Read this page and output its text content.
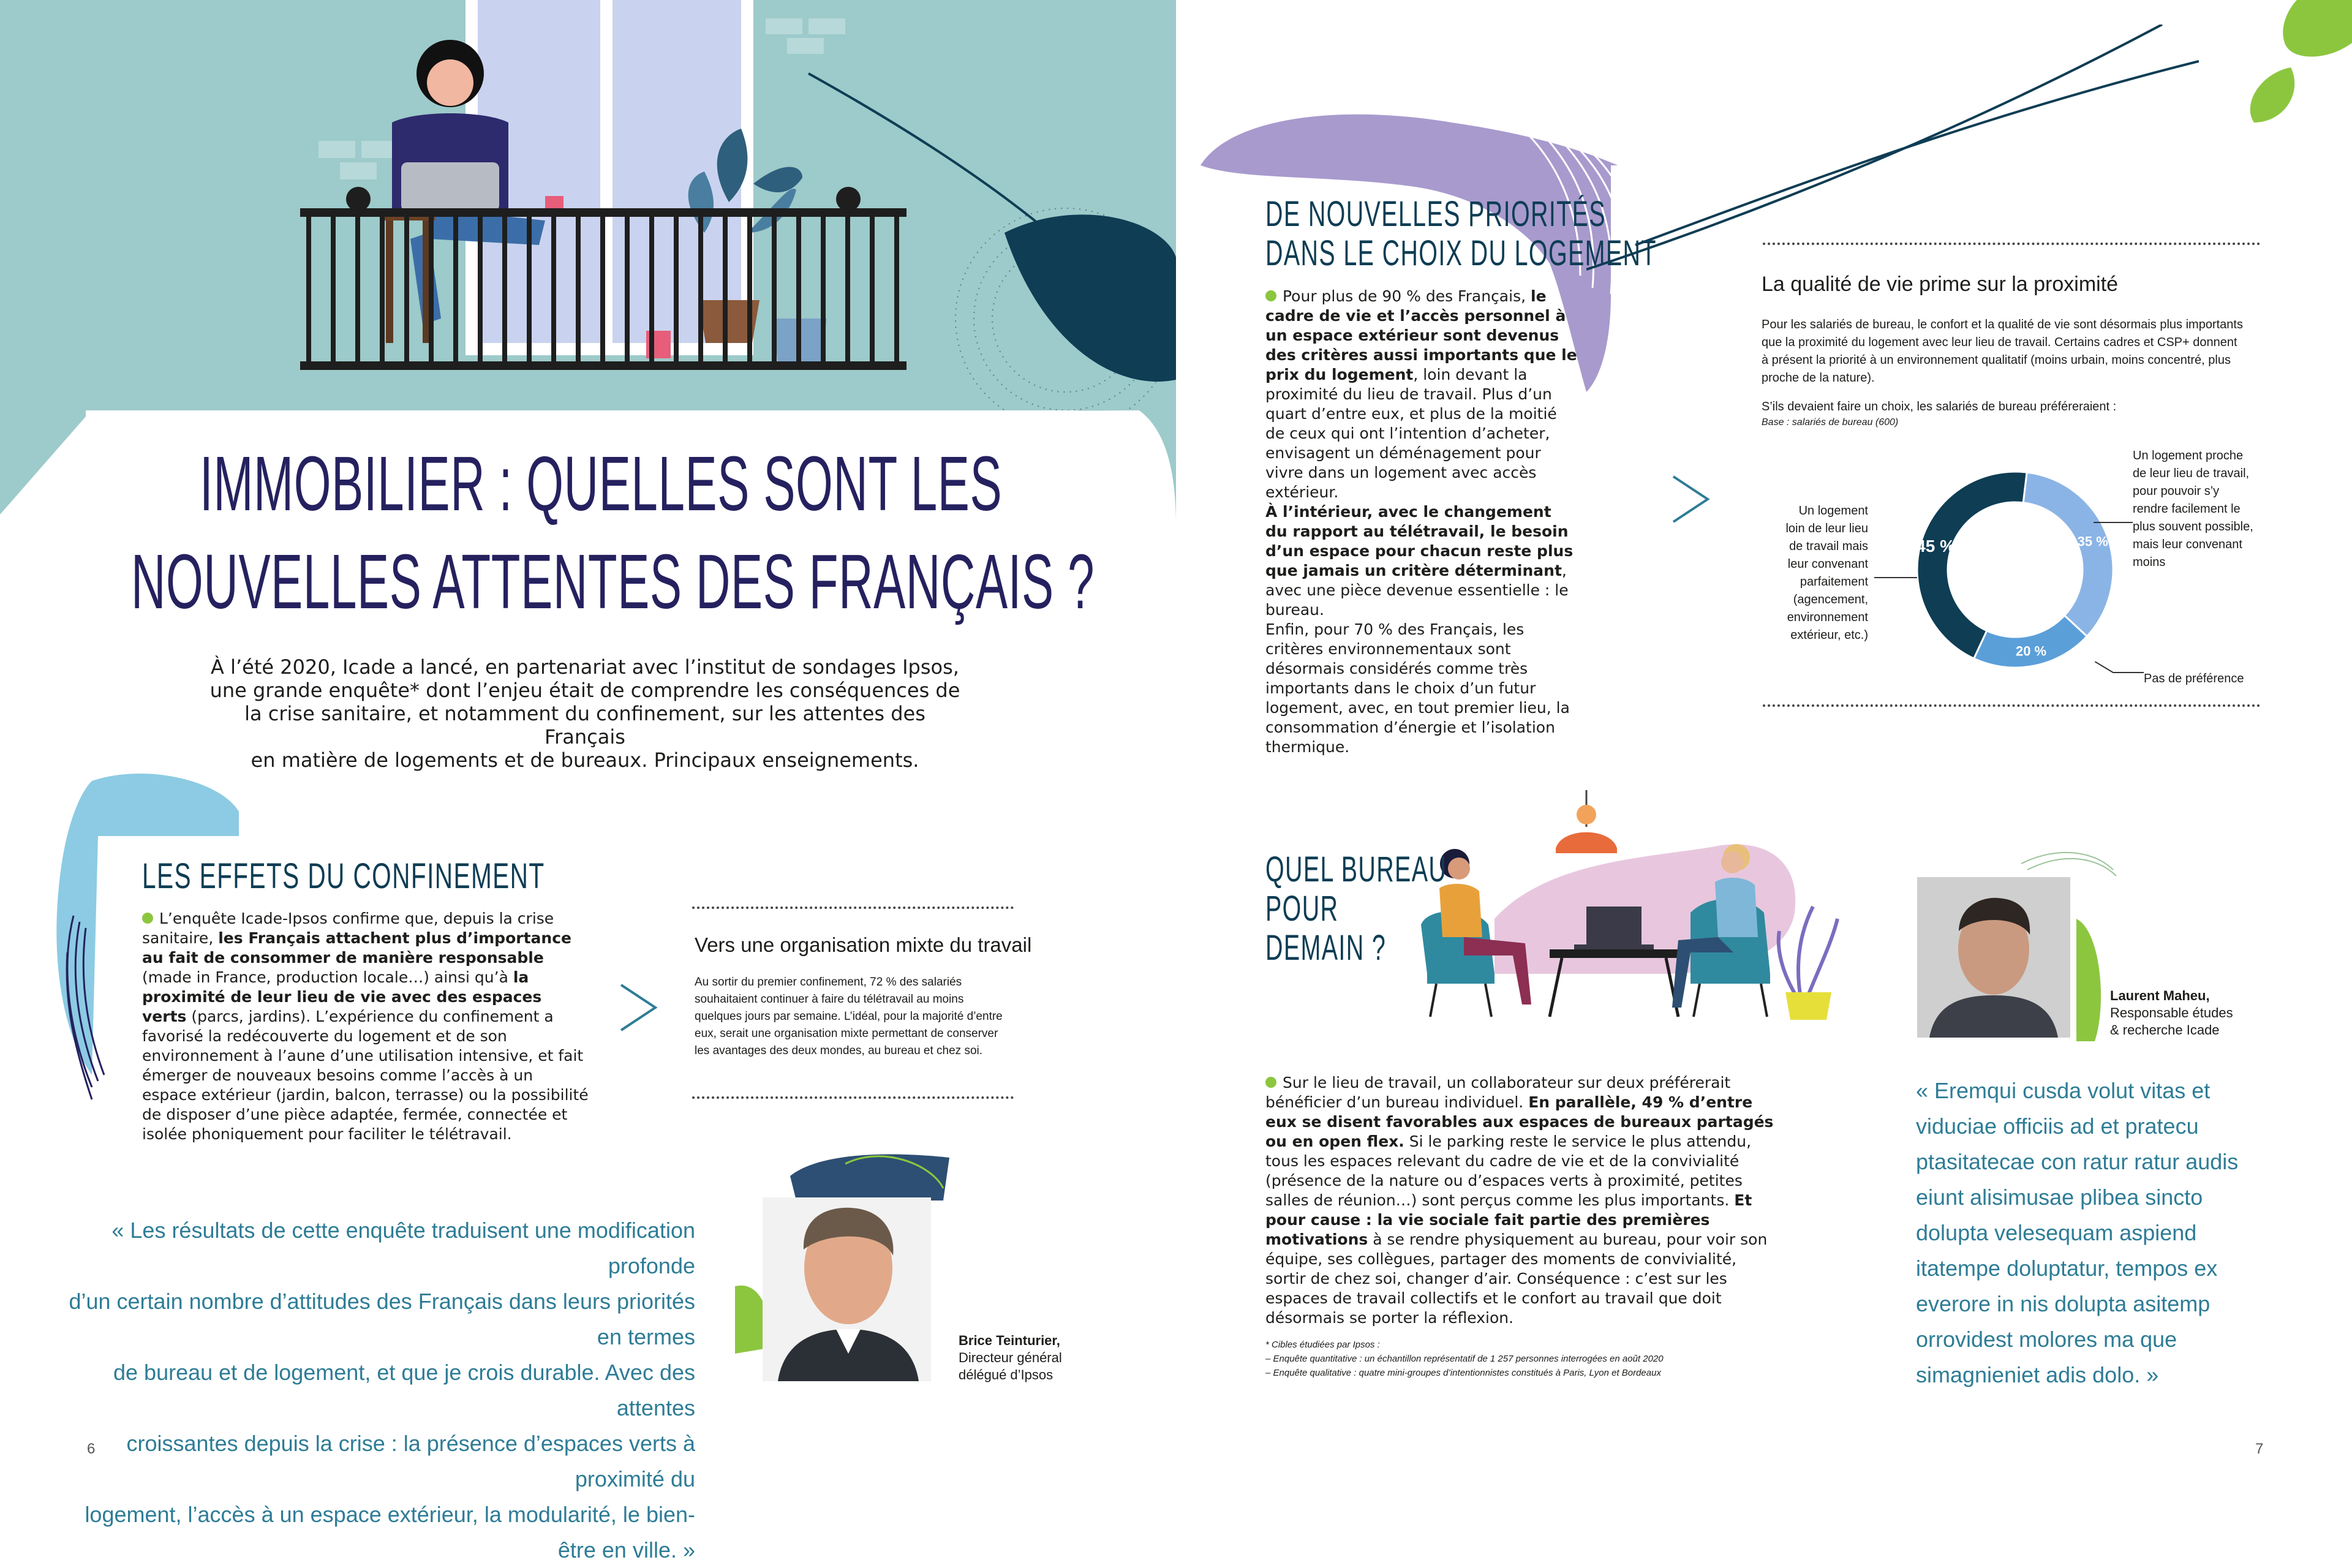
IMMOBILIER : QUELLES SONT LES
NOUVELLES ATTENTES DES FRANÇAIS ?
À l’été 2020, Icade a lancé, en partenariat avec l’institut de sondages Ipsos,
une grande enquête* dont l’enjeu était de comprendre les conséquences de
la crise sanitaire, et notamment du confinement, sur les attentes des Français
en matière de logements et de bureaux. Principaux enseignements.
LES EFFETS DU CONFINEMENT
L’enquête Icade-Ipsos confirme que, depuis la crise sanitaire, les Français attachent plus d’importance au fait de consommer de manière responsable (made in France, production locale…) ainsi qu’à la proximité de leur lieu de vie avec des espaces verts (parcs, jardins). L’expérience du confinement a favorisé la redécouverte du logement et de son environnement à l’aune d’une utilisation intensive, et fait émerger de nouveaux besoins comme l’accès à un espace extérieur (jardin, balcon, terrasse) ou la possibilité de disposer d’une pièce adaptée, fermée, connectée et isolée phoniquement pour faciliter le télétravail.
Vers une organisation mixte du travail
Au sortir du premier confinement, 72 % des salariés souhaitaient continuer à faire du télétravail au moins quelques jours par semaine. L’idéal, pour la majorité d’entre eux, serait une organisation mixte permettant de conserver les avantages des deux mondes, au bureau et chez soi.
« Les résultats de cette enquête traduisent une modification profonde
d’un certain nombre d’attitudes des Français dans leurs priorités en termes
de bureau et de logement, et que je crois durable. Avec des attentes
croissantes depuis la crise : la présence d’espaces verts à proximité du
logement, l’accès à un espace extérieur, la modularité, le bien-être en ville. »
Brice Teinturier,
Directeur général
délégué d’Ipsos
6
DE NOUVELLES PRIORITÉS
DANS LE CHOIX DU LOGEMENT
Pour plus de 90 % des Français, le cadre de vie et l’accès personnel à un espace extérieur sont devenus des critères aussi importants que le prix du logement, loin devant la proximité du lieu de travail. Plus d’un quart d’entre eux, et plus de la moitié de ceux qui ont l’intention d’acheter, envisagent un déménagement pour vivre dans un logement avec accès extérieur.
À l’intérieur, avec le changement du rapport au télétravail, le besoin d’un espace pour chacun reste plus que jamais un critère déterminant, avec une pièce devenue essentielle : le bureau.
Enfin, pour 70 % des Français, les critères environnementaux sont désormais considérés comme très importants dans le choix d’un futur logement, avec, en tout premier lieu, la consommation d’énergie et l’isolation thermique.
La qualité de vie prime sur la proximité
Pour les salariés de bureau, le confort et la qualité de vie sont désormais plus importants que la proximité du logement avec leur lieu de travail. Certains cadres et CSP+ donnent à présent la priorité à un environnement qualitatif (moins urbain, moins concentré, plus proche de la nature).
S’ils devaient faire un choix, les salariés de bureau préféreraient :
Base : salariés de bureau (600)
35 %
20 %
45 %
Un logement
loin de leur lieu
de travail mais
leur convenant
parfaitement
(agencement,
environnement
extérieur, etc.)
Un logement proche
de leur lieu de travail,
pour pouvoir s’y
rendre facilement le
plus souvent possible,
mais leur convenant
moins
Pas de préférence
QUEL BUREAU
POUR
DEMAIN ?
Sur le lieu de travail, un collaborateur sur deux préférerait bénéficier d’un bureau individuel. En parallèle, 49 % d’entre eux se disent favorables aux espaces de bureaux partagés ou en open flex. Si le parking reste le service le plus attendu, tous les espaces relevant du cadre de vie et de la convivialité (présence de la nature ou d’espaces verts à proximité, petites salles de réunion…) sont perçus comme les plus importants. Et pour cause : la vie sociale fait partie des premières motivations à se rendre physiquement au bureau, pour voir son équipe, ses collègues, partager des moments de convivialité, sortir de chez soi, changer d’air. Conséquence : c’est sur les espaces de travail collectifs et le confort au travail que doit désormais se porter la réflexion.
* Cibles étudiées par Ipsos :
– Enquête quantitative : un échantillon représentatif de 1 257 personnes interrogées en août 2020
– Enquête qualitative : quatre mini-groupes d’intentionnistes constitués à Paris, Lyon et Bordeaux
Laurent Maheu,
Responsable études
& recherche Icade
« Eremqui cusda volut vitas et
viduciae officiis ad et pratecu
ptasitatecae con ratur ratur audis
eiunt alisimusae plibea sincto
dolupta velesequam aspiend
itatempe doluptatur, tempos ex
everore in nis dolupta asitemp
orrovidest molores ma que
simagnieniet adis dolo. »
7
